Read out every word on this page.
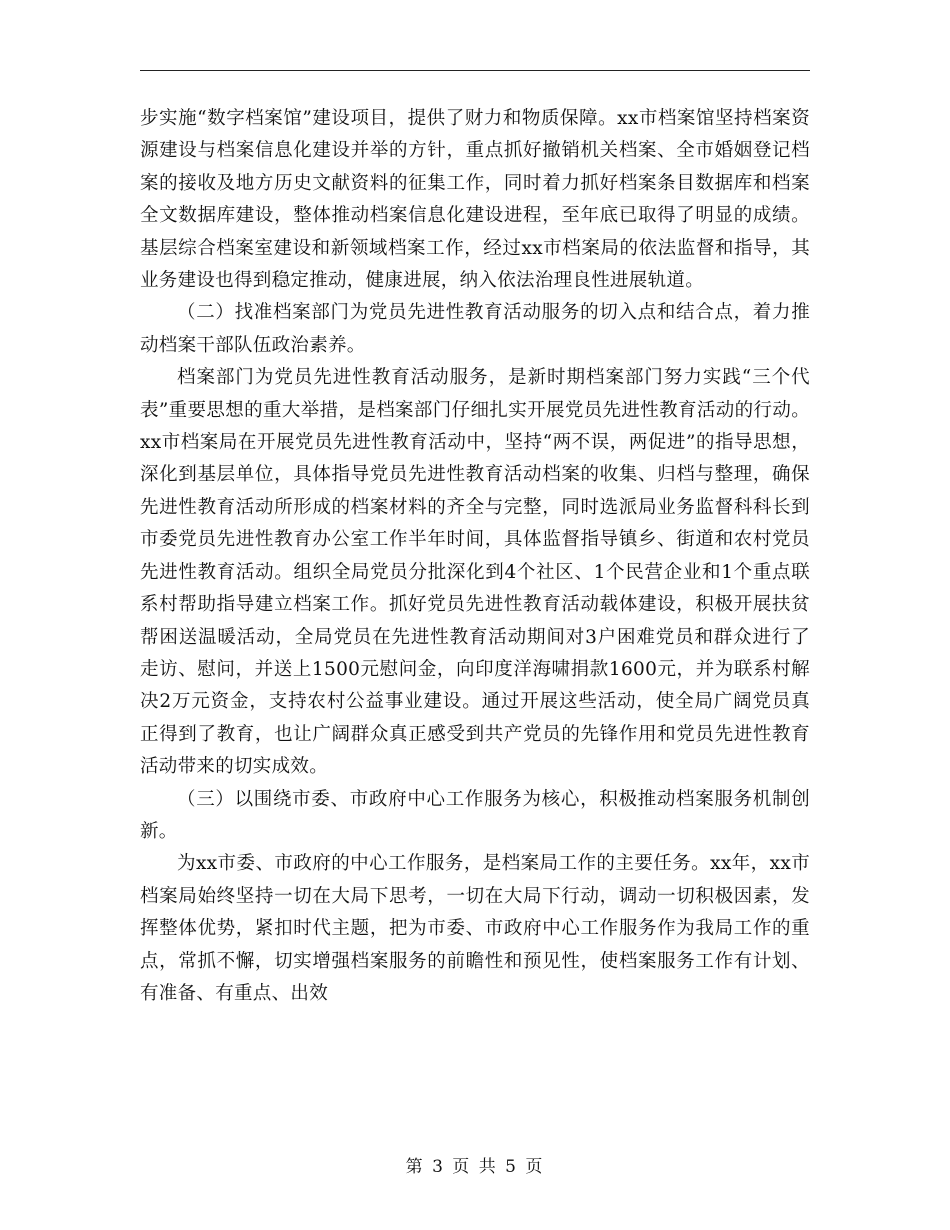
步实施“数字档案馆”建设项目，提供了财力和物质保障。xx市档案馆坚持档案资源建设与档案信息化建设并举的方针，重点抓好撤销机关档案、全市婚姻登记档案的接收及地方历史文献资料的征集工作，同时着力抓好档案条目数据库和档案全文数据库建设，整体推动档案信息化建设进程，至年底已取得了明显的成绩。基层综合档案室建设和新领域档案工作，经过xx市档案局的依法监督和指导，其业务建设也得到稳定推动，健康进展，纳入依法治理良性进展轨道。

（二）找准档案部门为党员先进性教育活动服务的切入点和结合点，着力推动档案干部队伍政治素养。

档案部门为党员先进性教育活动服务，是新时期档案部门努力实践“三个代表”重要思想的重大举措，是档案部门仔细扎实开展党员先进性教育活动的行动。xx市档案局在开展党员先进性教育活动中，坚持“两不误，两促进”的指导思想，深化到基层单位，具体指导党员先进性教育活动档案的收集、归档与整理，确保先进性教育活动所形成的档案材料的齐全与完整，同时选派局业务监督科科长到市委党员先进性教育办公室工作半年时间，具体监督指导镇乡、街道和农村党员先进性教育活动。组织全局党员分批深化到4个社区、1个民营企业和1个重点联系村帮助指导建立档案工作。抓好党员先进性教育活动载体建设，积极开展扶贫帮困送温暖活动，全局党员在先进性教育活动期间对3户困难党员和群众进行了走访、慰问，并送上1500元慰问金，向印度洋海啸捐款1600元，并为联系村解决2万元资金，支持农村公益事业建设。通过开展这些活动，使全局广阔党员真正得到了教育，也让广阔群众真正感受到共产党员的先锋作用和党员先进性教育活动带来的切实成效。

（三）以围绕市委、市政府中心工作服务为核心，积极推动档案服务机制创新。

为xx市委、市政府的中心工作服务，是档案局工作的主要任务。xx年，xx市档案局始终坚持一切在大局下思考，一切在大局下行动，调动一切积极因素，发挥整体优势，紧扣时代主题，把为市委、市政府中心工作服务作为我局工作的重点，常抓不懈，切实增强档案服务的前瞻性和预见性，使档案服务工作有计划、有准备、有重点、出效

第 3 页 共 5 页
